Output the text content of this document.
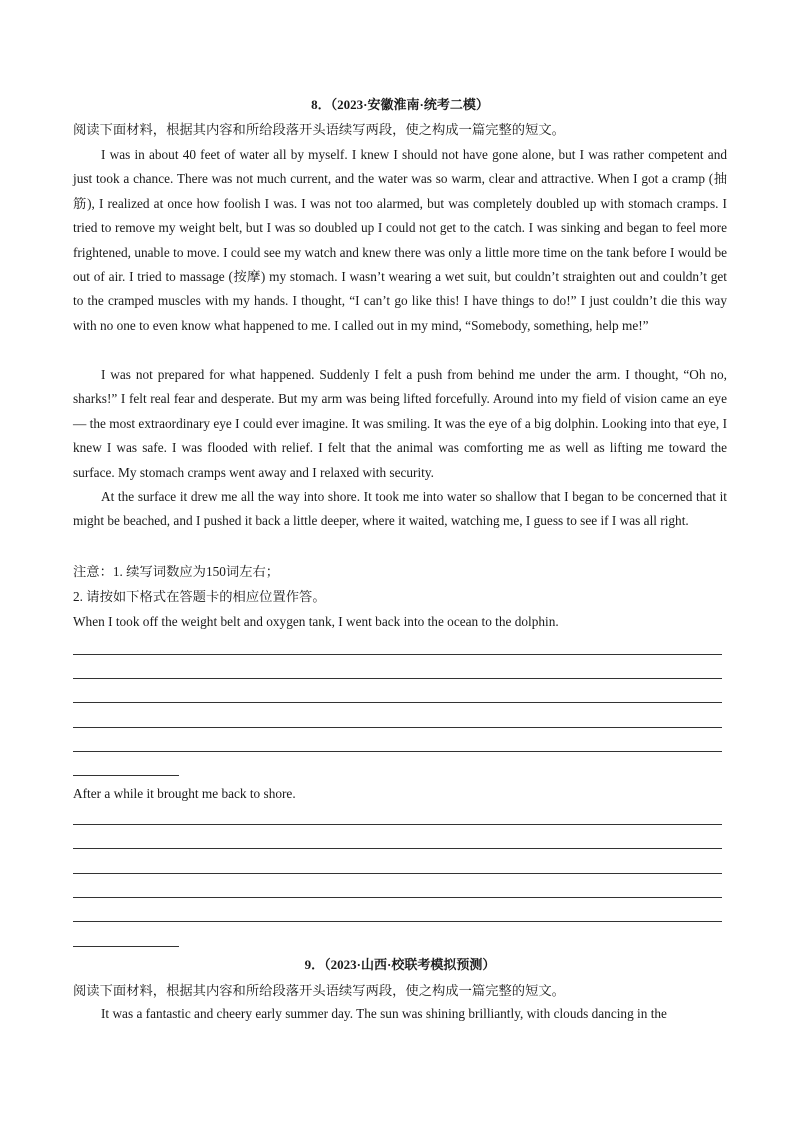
8．（2023·安徽淮南·统考二模）
阅读下面材料，根据其内容和所给段落开头语续写两段，使之构成一篇完整的短文。

I was in about 40 feet of water all by myself. I knew I should not have gone alone, but I was rather competent and just took a chance. There was not much current, and the water was so warm, clear and attractive. When I got a cramp (抽筋), I realized at once how foolish I was. I was not too alarmed, but was completely doubled up with stomach cramps. I tried to remove my weight belt, but I was so doubled up I could not get to the catch. I was sinking and began to feel more frightened, unable to move. I could see my watch and knew there was only a little more time on the tank before I would be out of air. I tried to massage (按摩) my stomach. I wasn’t wearing a wet suit, but couldn’t straighten out and couldn’t get to the cramped muscles with my hands. I thought, “I can’t go like this! I have things to do!” I just couldn’t die this way with no one to even know what happened to me. I called out in my mind, “Somebody, something, help me!”

I was not prepared for what happened. Suddenly I felt a push from behind me under the arm. I thought, “Oh no, sharks!” I felt real fear and desperate. But my arm was being lifted forcefully. Around into my field of vision came an eye — the most extraordinary eye I could ever imagine. It was smiling. It was the eye of a big dolphin. Looking into that eye, I knew I was safe. I was flooded with relief. I felt that the animal was comforting me as well as lifting me toward the surface. My stomach cramps went away and I relaxed with security.

At the surface it drew me all the way into shore. It took me into water so shallow that I began to be concerned that it might be beached, and I pushed it back a little deeper, where it waited, watching me, I guess to see if I was all right.

注意：1. 续写词数应为150词左右；
2. 请按如下格式在答题卡的相应位置作答。
When I took off the weight belt and oxygen tank, I went back into the ocean to the dolphin.
After a while it brought me back to shore.
9．（2023·山西·校联考模拟预测）
阅读下面材料，根据其内容和所给段落开头语续写两段，使之构成一篇完整的短文。

It was a fantastic and cheery early summer day. The sun was shining brilliantly, with clouds dancing in the
